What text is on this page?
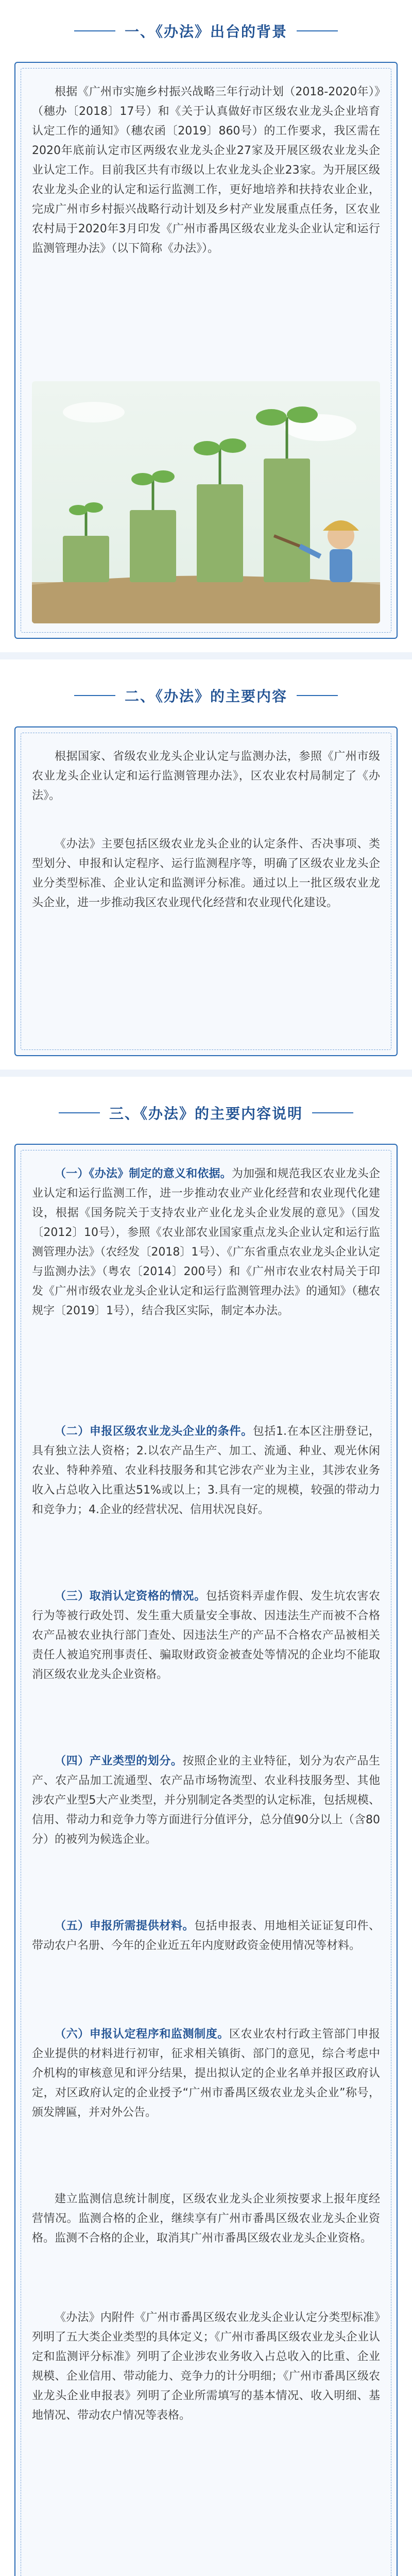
一、《办法》出台的背景
根据《广州市实施乡村振兴战略三年行动计划（2018-2020年）》（穗办〔2018〕17号）和《关于认真做好市区级农业龙头企业培育认定工作的通知》（穗农函〔2019〕860号）的工作要求，我区需在2020年底前认定市区两级农业龙头企业27家及开展区级农业龙头企业认定工作。目前我区共有市级以上农业龙头企业23家。为开展区级农业龙头企业的认定和运行监测工作，更好地培养和扶持农业企业，完成广州市乡村振兴战略行动计划及乡村产业发展重点任务，区农业农村局于2020年3月印发《广州市番禺区级农业龙头企业认定和运行监测管理办法》（以下简称《办法》）。
二、《办法》的主要内容
根据国家、省级农业龙头企业认定与监测办法，参照《广州市级农业龙头企业认定和运行监测管理办法》，区农业农村局制定了《办法》。
《办法》主要包括区级农业龙头企业的认定条件、否决事项、类型划分、申报和认定程序、运行监测程序等，明确了区级农业龙头企业分类型标准、企业认定和监测评分标准。通过以上一批区级农业龙头企业，进一步推动我区农业现代化经营和农业现代化建设。
三、《办法》的主要内容说明
（一）《办法》制定的意义和依据。为加强和规范我区农业龙头企业认定和运行监测工作，进一步推动农业产业化经营和农业现代化建设，根据《国务院关于支持农业产业化龙头企业发展的意见》（国发〔2012〕10号），参照《农业部农业国家重点龙头企业认定和运行监测管理办法》（农经发〔2018〕1号）、《广东省重点农业龙头企业认定与监测办法》（粤农〔2014〕200号）和《广州市农业农村局关于印发《广州市级农业龙头企业认定和运行监测管理办法》的通知》（穗农规字〔2019〕1号），结合我区实际，制定本办法。
（二）申报区级农业龙头企业的条件。包括1.在本区注册登记，具有独立法人资格；2.以农产品生产、加工、流通、种业、观光休闲农业、特种养殖、农业科技服务和其它涉农产业为主业，其涉农业务收入占总收入比重达51%或以上；3.具有一定的规模，较强的带动力和竞争力；4.企业的经营状况、信用状况良好。
（三）取消认定资格的情况。包括资料弄虚作假、发生坑农害农行为等被行政处罚、发生重大质量安全事故、因违法生产而被不合格农产品被农业执行部门查处、因违法生产的产品不合格农产品被相关责任人被追究刑事责任、骗取财政资金被查处等情况的企业均不能取消区级农业龙头企业资格。
（四）产业类型的划分。按照企业的主业特征，划分为农产品生产、农产品加工流通型、农产品市场物流型、农业科技服务型、其他涉农产业型5大产业类型，并分别制定各类型的认定标准，包括规模、信用、带动力和竞争力等方面进行分值评分，总分值90分以上（含80分）的被列为候选企业。
（五）申报所需提供材料。包括申报表、用地相关证证复印件、带动农户名册、今年的企业近五年内度财政资金使用情况等材料。
（六）申报认定程序和监测制度。区农业农村行政主管部门申报企业提供的材料进行初审，征求相关镇街、部门的意见，综合考虑中介机构的审核意见和评分结果，提出拟认定的企业名单并报区政府认定，对区政府认定的企业授予“广州市番禺区级农业龙头企业”称号，颁发牌匾，并对外公告。
建立监测信息统计制度，区级农业龙头企业须按要求上报年度经营情况。监测合格的企业，继续享有广州市番禺区级农业龙头企业资格。监测不合格的企业，取消其广州市番禺区级农业龙头企业资格。
《办法》内附件《广州市番禺区级农业龙头企业认定分类型标准》列明了五大类企业类型的具体定义；《广州市番禺区级农业龙头企业认定和监测评分标准》列明了企业涉农业务收入占总收入的比重、企业规模、企业信用、带动能力、竞争力的计分明细；《广州市番禺区级农业龙头企业申报表》列明了企业所需填写的基本情况、收入明细、基地情况、带动农户情况等表格。
